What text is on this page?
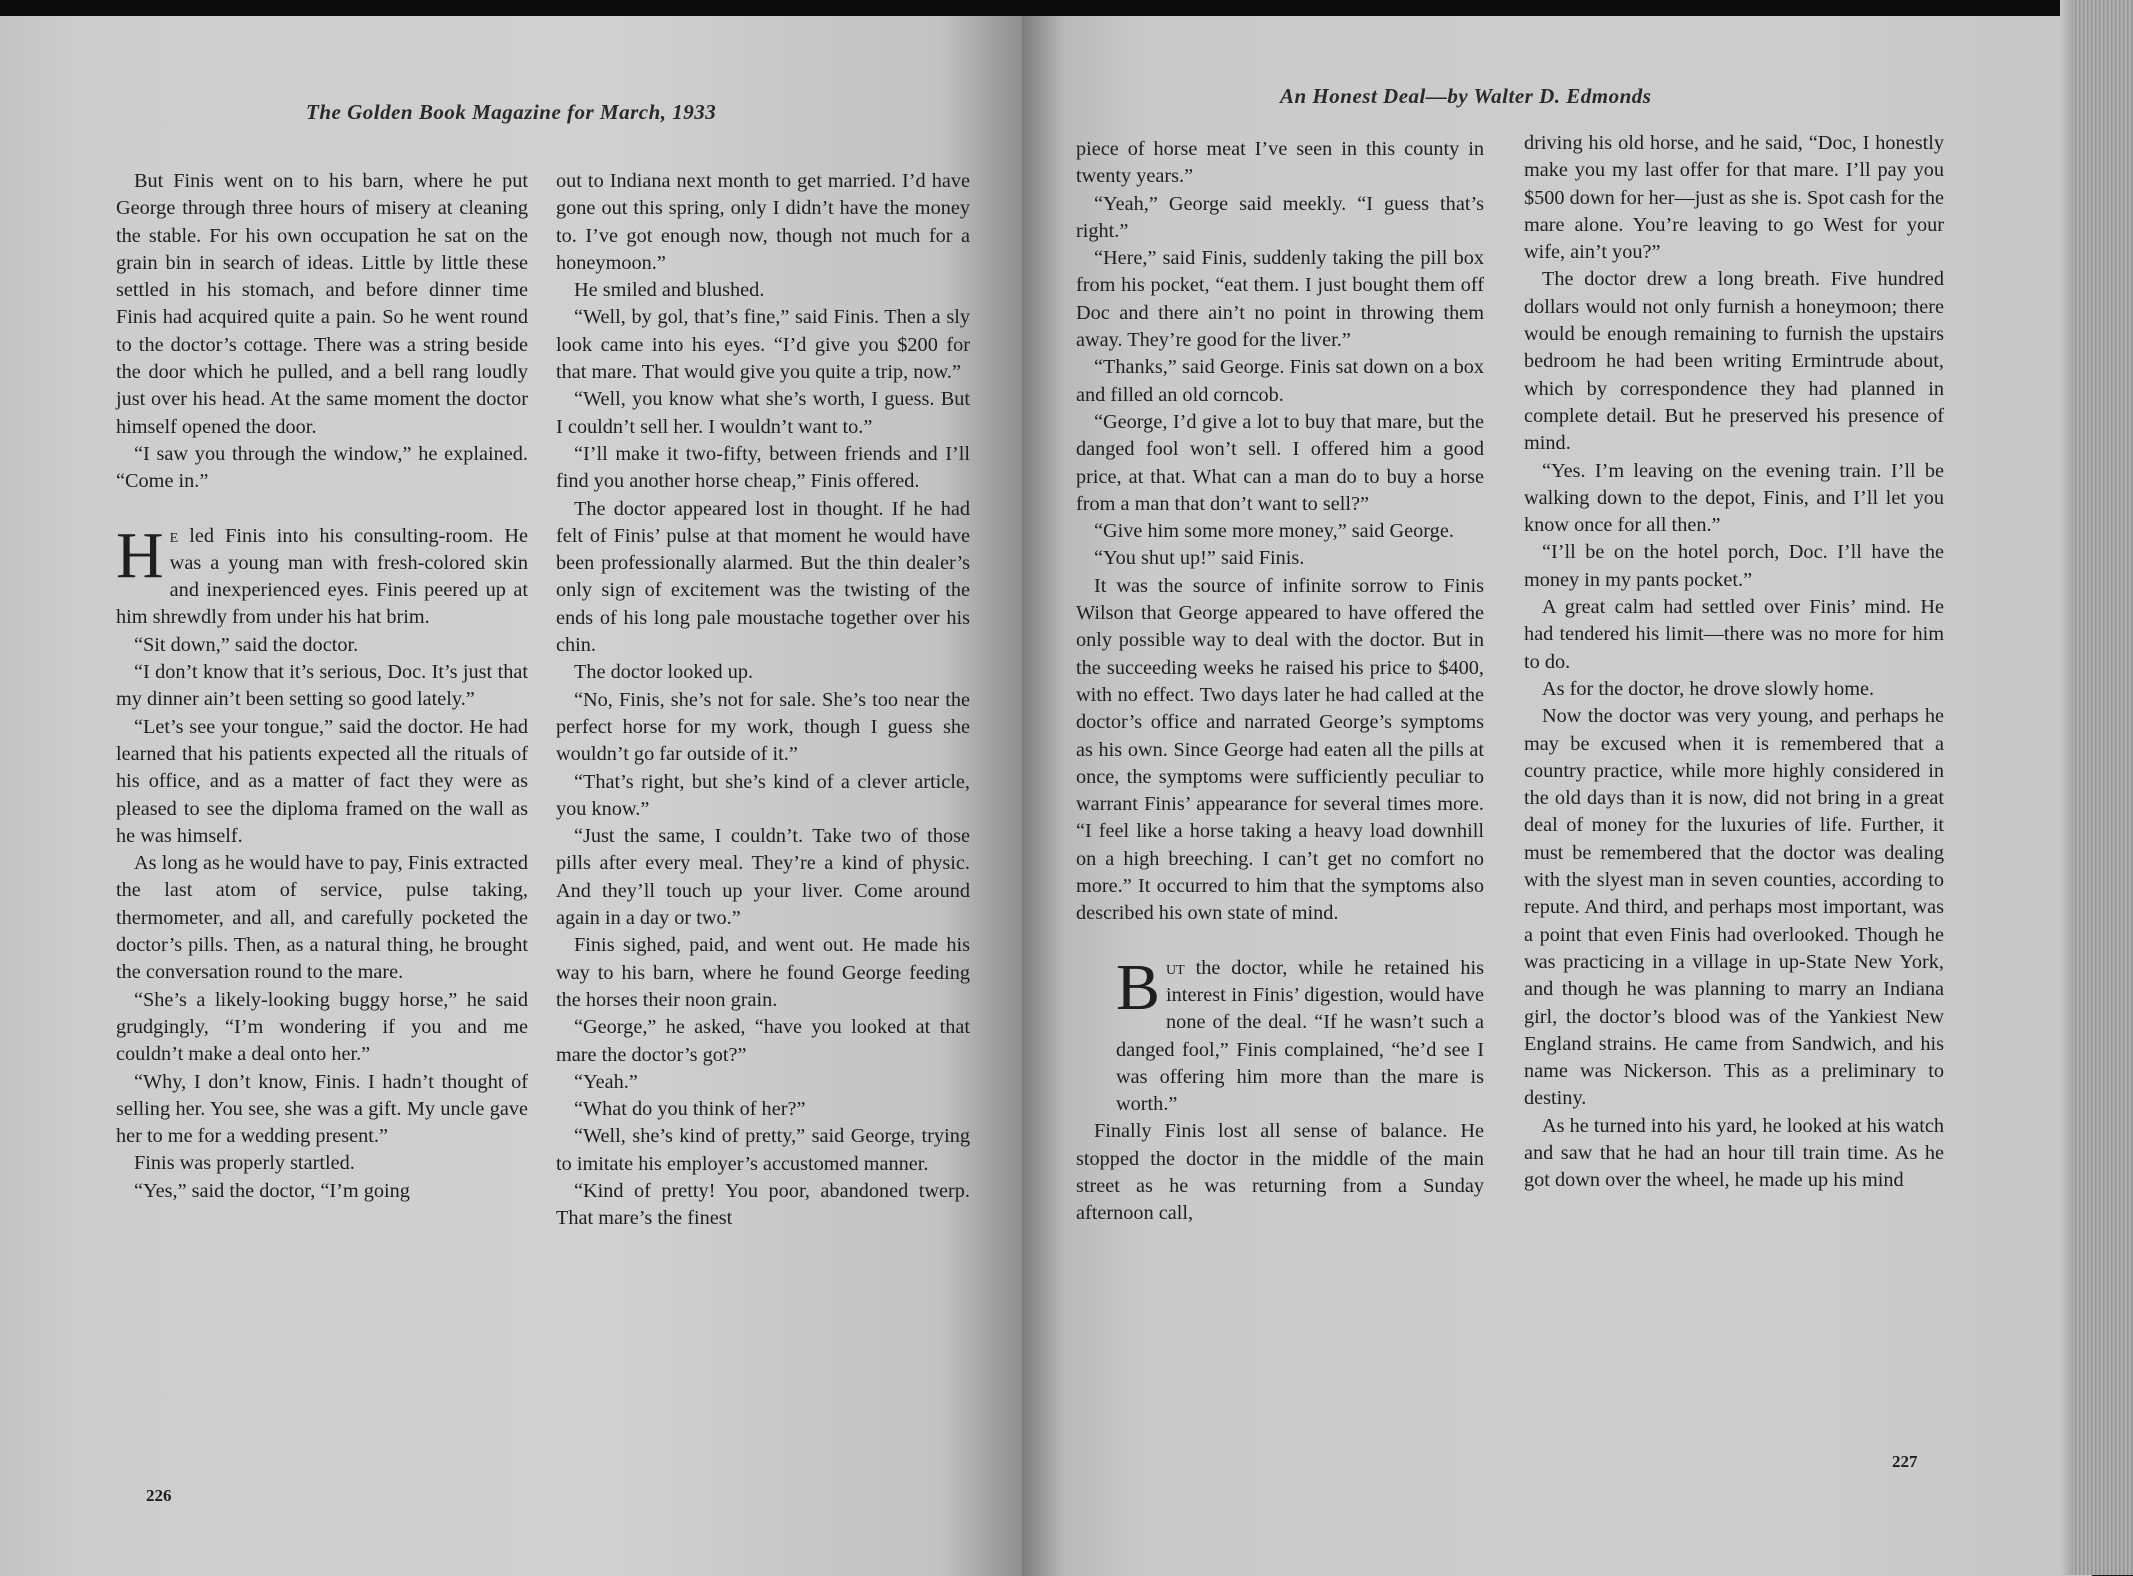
The Golden Book Magazine for March, 1933

But Finis went on to his barn, where he put George through three hours of misery at cleaning the stable. For his own occupation he sat on the grain bin in search of ideas. Little by little these settled in his stomach, and before dinner time Finis had acquired quite a pain. So he went round to the doctor’s cottage. There was a string beside the door which he pulled, and a bell rang loudly just over his head. At the same moment the doctor himself opened the door.

“I saw you through the window,” he explained. “Come in.”

He led Finis into his consulting-room. He was a young man with fresh-colored skin and inexperienced eyes. Finis peered up at him shrewdly from under his hat brim.

“Sit down,” said the doctor.

“I don’t know that it’s serious, Doc. It’s just that my dinner ain’t been setting so good lately.”

“Let’s see your tongue,” said the doctor. He had learned that his patients expected all the rituals of his office, and as a matter of fact they were as pleased to see the diploma framed on the wall as he was himself.

As long as he would have to pay, Finis extracted the last atom of service, pulse taking, thermometer, and all, and carefully pocketed the doctor’s pills. Then, as a natural thing, he brought the conversation round to the mare.

“She’s a likely-looking buggy horse,” he said grudgingly, “I’m wondering if you and me couldn’t make a deal onto her.”

“Why, I don’t know, Finis. I hadn’t thought of selling her. You see, she was a gift. My uncle gave her to me for a wedding present.”

Finis was properly startled.

“Yes,” said the doctor, “I’m going

out to Indiana next month to get married. I’d have gone out this spring, only I didn’t have the money to. I’ve got enough now, though not much for a honeymoon.”

He smiled and blushed.

“Well, by gol, that’s fine,” said Finis. Then a sly look came into his eyes. “I’d give you $200 for that mare. That would give you quite a trip, now.”

“Well, you know what she’s worth, I guess. But I couldn’t sell her. I wouldn’t want to.”

“I’ll make it two-fifty, between friends and I’ll find you another horse cheap,” Finis offered.

The doctor appeared lost in thought. If he had felt of Finis’ pulse at that moment he would have been professionally alarmed. But the thin dealer’s only sign of excitement was the twisting of the ends of his long pale moustache together over his chin.

The doctor looked up.

“No, Finis, she’s not for sale. She’s too near the perfect horse for my work, though I guess she wouldn’t go far outside of it.”

“That’s right, but she’s kind of a clever article, you know.”

“Just the same, I couldn’t. Take two of those pills after every meal. They’re a kind of physic. And they’ll touch up your liver. Come around again in a day or two.”

Finis sighed, paid, and went out. He made his way to his barn, where he found George feeding the horses their noon grain.

“George,” he asked, “have you looked at that mare the doctor’s got?”

“Yeah.”

“What do you think of her?”

“Well, she’s kind of pretty,” said George, trying to imitate his employer’s accustomed manner.

“Kind of pretty! You poor, abandoned twerp. That mare’s the finest

226
An Honest Deal—by Walter D. Edmonds

piece of horse meat I’ve seen in this county in twenty years.”

“Yeah,” George said meekly. “I guess that’s right.”

“Here,” said Finis, suddenly taking the pill box from his pocket, “eat them. I just bought them off Doc and there ain’t no point in throwing them away. They’re good for the liver.”

“Thanks,” said George. Finis sat down on a box and filled an old corncob.

“George, I’d give a lot to buy that mare, but the danged fool won’t sell. I offered him a good price, at that. What can a man do to buy a horse from a man that don’t want to sell?”

“Give him some more money,” said George.

“You shut up!” said Finis.

It was the source of infinite sorrow to Finis Wilson that George appeared to have offered the only possible way to deal with the doctor. But in the succeeding weeks he raised his price to $400, with no effect. Two days later he had called at the doctor’s office and narrated George’s symptoms as his own. Since George had eaten all the pills at once, the symptoms were sufficiently peculiar to warrant Finis’ appearance for several times more. “I feel like a horse taking a heavy load downhill on a high breeching. I can’t get no comfort no more.” It occurred to him that the symptoms also described his own state of mind.

But the doctor, while he retained his interest in Finis’ digestion, would have none of the deal. “If he wasn’t such a danged fool,” Finis complained, “he’d see I was offering him more than the mare is worth.”

Finally Finis lost all sense of balance. He stopped the doctor in the middle of the main street as he was returning from a Sunday afternoon call,

driving his old horse, and he said, “Doc, I honestly make you my last offer for that mare. I’ll pay you $500 down for her—just as she is. Spot cash for the mare alone. You’re leaving to go West for your wife, ain’t you?”

The doctor drew a long breath. Five hundred dollars would not only furnish a honeymoon; there would be enough remaining to furnish the upstairs bedroom he had been writing Ermintrude about, which by correspondence they had planned in complete detail. But he preserved his presence of mind.

“Yes. I’m leaving on the evening train. I’ll be walking down to the depot, Finis, and I’ll let you know once for all then.”

“I’ll be on the hotel porch, Doc. I’ll have the money in my pants pocket.”

A great calm had settled over Finis’ mind. He had tendered his limit—there was no more for him to do.

As for the doctor, he drove slowly home.

Now the doctor was very young, and perhaps he may be excused when it is remembered that a country practice, while more highly considered in the old days than it is now, did not bring in a great deal of money for the luxuries of life. Further, it must be remembered that the doctor was dealing with the slyest man in seven counties, according to repute. And third, and perhaps most important, was a point that even Finis had overlooked. Though he was practicing in a village in up-State New York, and though he was planning to marry an Indiana girl, the doctor’s blood was of the Yankiest New England strains. He came from Sandwich, and his name was Nickerson. This as a preliminary to destiny.

As he turned into his yard, he looked at his watch and saw that he had an hour till train time. As he got down over the wheel, he made up his mind

227
